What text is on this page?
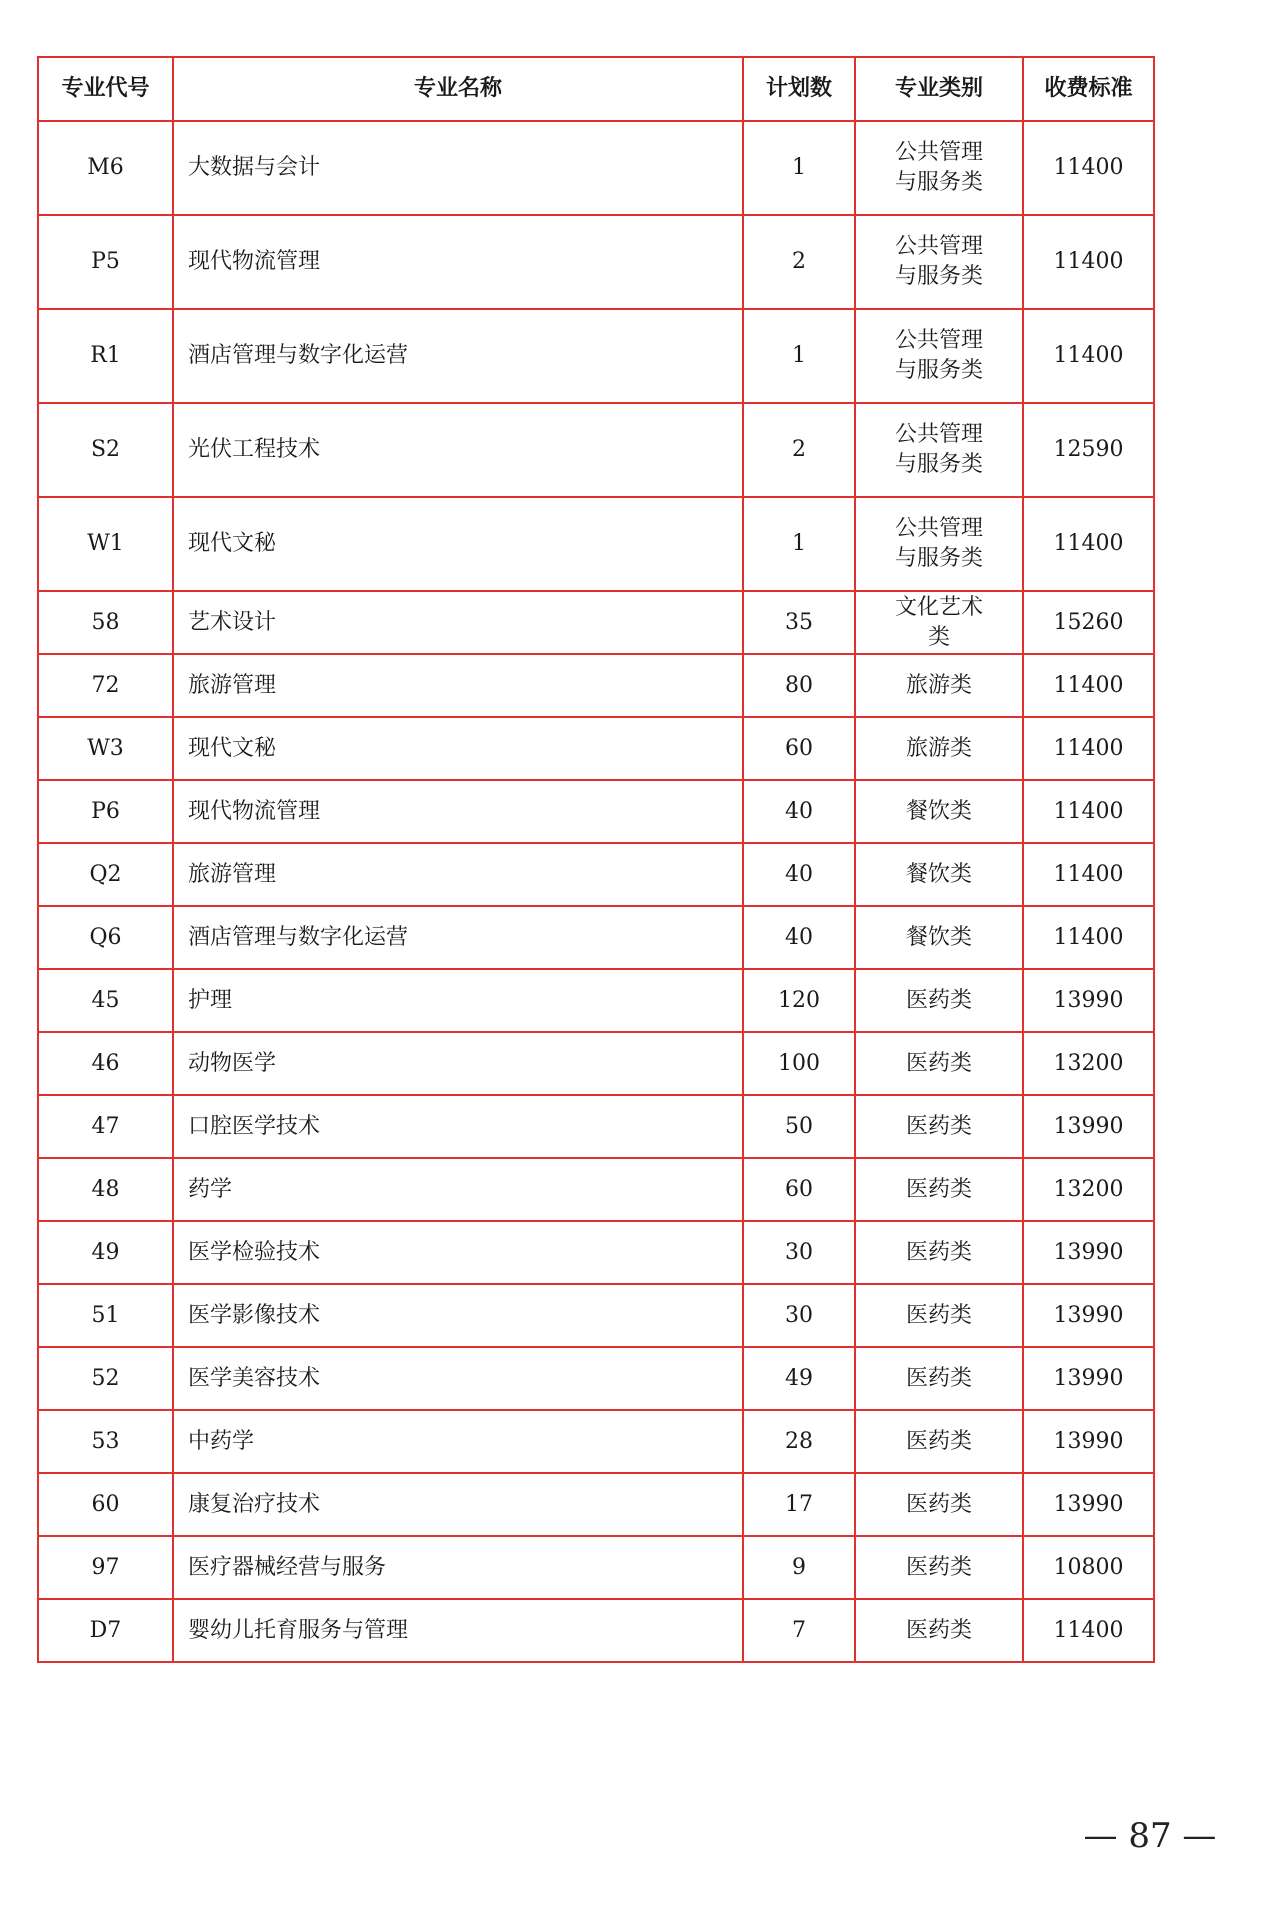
专业代号	专业名称	计划数	专业类别	收费标准
M6	大数据与会计	1	公共管理与服务类	11400
P5	现代物流管理	2	公共管理与服务类	11400
R1	酒店管理与数字化运营	1	公共管理与服务类	11400
S2	光伏工程技术	2	公共管理与服务类	12590
W1	现代文秘	1	公共管理与服务类	11400
58	艺术设计	35	文化艺术类	15260
72	旅游管理	80	旅游类	11400
W3	现代文秘	60	旅游类	11400
P6	现代物流管理	40	餐饮类	11400
Q2	旅游管理	40	餐饮类	11400
Q6	酒店管理与数字化运营	40	餐饮类	11400
45	护理	120	医药类	13990
46	动物医学	100	医药类	13200
47	口腔医学技术	50	医药类	13990
48	药学	60	医药类	13200
49	医学检验技术	30	医药类	13990
51	医学影像技术	30	医药类	13990
52	医学美容技术	49	医药类	13990
53	中药学	28	医药类	13990
60	康复治疗技术	17	医药类	13990
97	医疗器械经营与服务	9	医药类	10800
D7	婴幼儿托育服务与管理	7	医药类	11400
— 87 —
